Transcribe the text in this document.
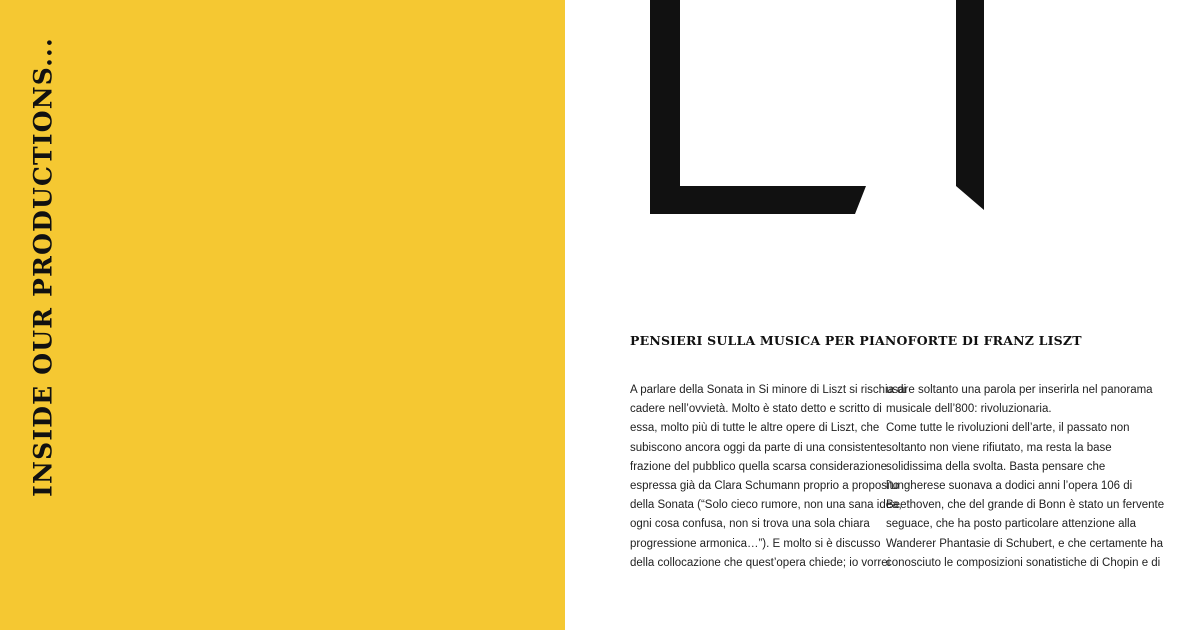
INSIDE OUR PRODUCTIONS...	PENSIERI SULLA MUSICA PER PIANOFORTE DI FRANZ LISZT
A parlare della Sonata in Si minore di Liszt si rischia di
cadere nell’ovvietà. Molto è stato detto e scritto di
essa, molto più di tutte le altre opere di Liszt, che
subiscono ancora oggi da parte di una consistente
frazione del pubblico quella scarsa considerazione
espressa già da Clara Schumann proprio a proposito
della Sonata (“Solo cieco rumore, non una sana idea,
ogni cosa confusa, non si trova una sola chiara
progressione armonica…”). E molto si è discusso
della collocazione che quest’opera chiede; io vorrei
usare soltanto una parola per inserirla nel panorama
musicale dell’800: rivoluzionaria.
Come tutte le rivoluzioni dell’arte, il passato non
soltanto non viene rifiutato, ma resta la base
solidissima della svolta. Basta pensare che
l’ungherese suonava a dodici anni l’opera 106 di
Beethoven, che del grande di Bonn è stato un fervente
seguace, che ha posto particolare attenzione alla
Wanderer Phantasie di Schubert, e che certamente ha
conosciuto le composizioni sonatistiche di Chopin e di
